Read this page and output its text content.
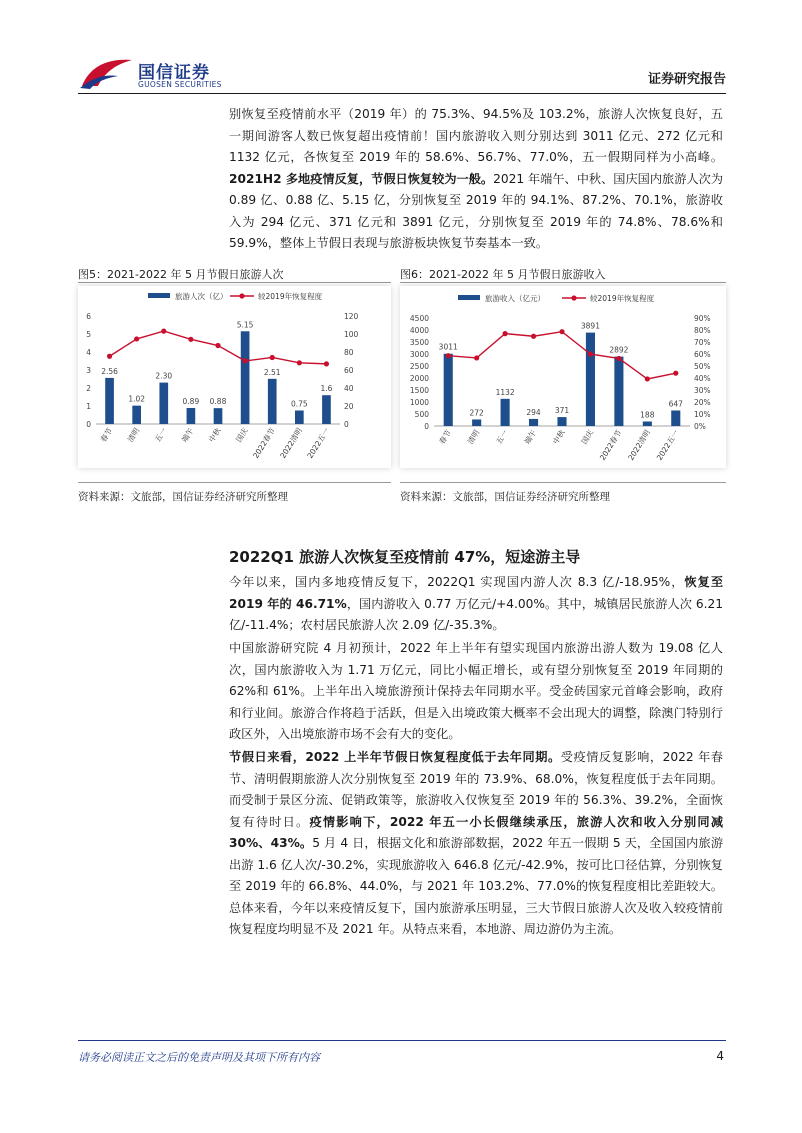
国信证券
GUOSEN SECURITIES	证券研究报告

别恢复至疫情前水平（2019 年）的 75.3%、94.5%及 103.2%，旅游人次恢复良好，五一期间游客人数已恢复超出疫情前！国内旅游收入则分别达到 3011 亿元、272 亿元和 1132 亿元，各恢复至 2019 年的 58.6%、56.7%、77.0%，五一假期同样为小高峰。2021H2 多地疫情反复，节假日恢复较为一般。2021 年端午、中秋、国庆国内旅游人次为 0.89 亿、0.88 亿、5.15 亿，分别恢复至 2019 年的 94.1%、87.2%、70.1%，旅游收入为 294 亿元、371 亿元和 3891 亿元，分别恢复至 2019 年的 74.8%、78.6%和 59.9%，整体上节假日表现与旅游板块恢复节奏基本一致。

图5：2021-2022 年 5 月节假日旅游人次	图6：2021-2022 年 5 月节假日旅游收入
旅游人次（亿）	较2019年恢复程度
0
1
2
3
4
5
6
0
20
40
60
80
100
120
2.56
1.02
2.30
0.89 0.88
5.15
2.51
0.75
1.6
春节 清明 五一 端午 中秋 国庆 2022春节 2022清明 2022五一
旅游收入（亿元）	较2019年恢复程度
0
500
1000
1500
2000
2500
3000
3500
4000
4500
0%
10%
20%
30%
40%
50%
60%
70%
80%
90%
3011
272
1132
294 371
3891
2892
188
647
春节 清明 五一 端午 中秋 国庆 2022春节 2022清明 2022五一
资料来源：文旅部，国信证券经济研究所整理	资料来源：文旅部，国信证券经济研究所整理
2022Q1 旅游人次恢复至疫情前 47%，短途游主导

今年以来，国内多地疫情反复下，2022Q1 实现国内游人次 8.3 亿/-18.95%，恢复至 2019 年的 46.71%，国内游收入 0.77 万亿元/+4.00%。其中，城镇居民旅游人次 6.21 亿/-11.4%；农村居民旅游人次 2.09 亿/-35.3%。

中国旅游研究院 4 月初预计，2022 年上半年有望实现国内旅游出游人数为 19.08 亿人次，国内旅游收入为 1.71 万亿元，同比小幅正增长，或有望分别恢复至 2019 年同期的 62%和 61%。上半年出入境旅游预计保持去年同期水平。受金砖国家元首峰会影响，政府和行业间。旅游合作将趋于活跃，但是入出境政策大概率不会出现大的调整，除澳门特别行政区外，入出境旅游市场不会有大的变化。

节假日来看，2022 上半年节假日恢复程度低于去年同期。受疫情反复影响，2022 年春节、清明假期旅游人次分别恢复至 2019 年的 73.9%、68.0%，恢复程度低于去年同期。而受制于景区分流、促销政策等，旅游收入仅恢复至 2019 年的 56.3%、39.2%，全面恢复有待时日。疫情影响下，2022 年五一小长假继续承压，旅游人次和收入分别同减 30%、43%。5 月 4 日，根据文化和旅游部数据，2022 年五一假期 5 天，全国国内旅游出游 1.6 亿人次/-30.2%，实现旅游收入 646.8 亿元/-42.9%，按可比口径估算，分别恢复至 2019 年的 66.8%、44.0%，与 2021 年 103.2%、77.0%的恢复程度相比差距较大。总体来看，今年以来疫情反复下，国内旅游承压明显，三大节假日旅游人次及收入较疫情前恢复程度均明显不及 2021 年。从特点来看，本地游、周边游仍为主流。

请务必阅读正文之后的免责声明及其项下所有内容	4
